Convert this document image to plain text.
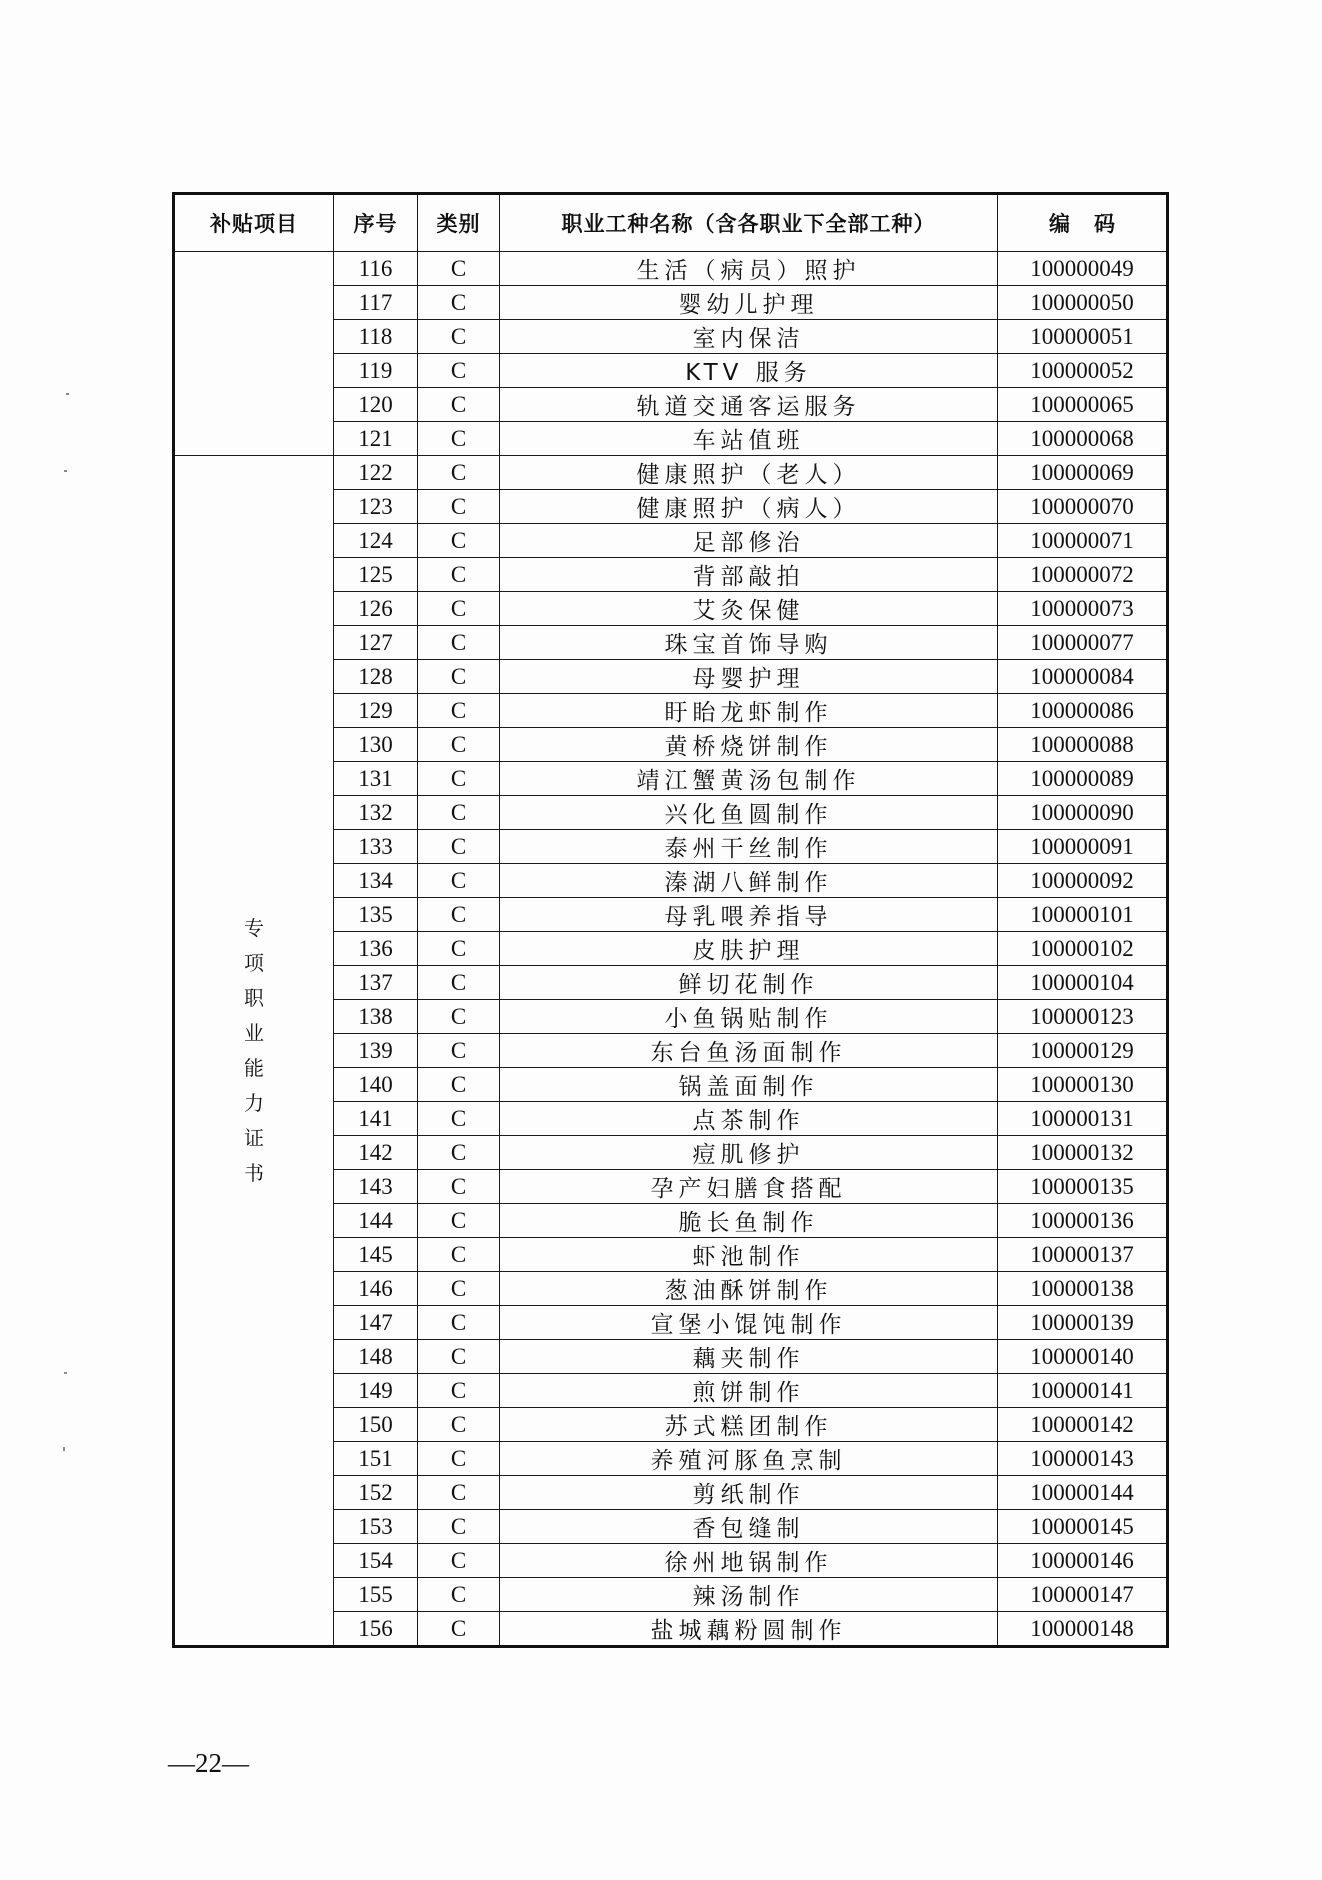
补贴项目	序号	类别	职业工种名称（含各职业下全部工种）	编码
	116	C	生活（病员）照护	100000049
	117	C	婴幼儿护理	100000050
	118	C	室内保洁	100000051
	119	C	KTV 服务	100000052
	120	C	轨道交通客运服务	100000065
	121	C	车站值班	100000068
专项职业能力证书	122	C	健康照护（老人）	100000069
	123	C	健康照护（病人）	100000070
	124	C	足部修治	100000071
	125	C	背部敲拍	100000072
	126	C	艾灸保健	100000073
	127	C	珠宝首饰导购	100000077
	128	C	母婴护理	100000084
	129	C	盱眙龙虾制作	100000086
	130	C	黄桥烧饼制作	100000088
	131	C	靖江蟹黄汤包制作	100000089
	132	C	兴化鱼圆制作	100000090
	133	C	泰州干丝制作	100000091
	134	C	溱湖八鲜制作	100000092
	135	C	母乳喂养指导	100000101
	136	C	皮肤护理	100000102
	137	C	鲜切花制作	100000104
	138	C	小鱼锅贴制作	100000123
	139	C	东台鱼汤面制作	100000129
	140	C	锅盖面制作	100000130
	141	C	点茶制作	100000131
	142	C	痘肌修护	100000132
	143	C	孕产妇膳食搭配	100000135
	144	C	脆长鱼制作	100000136
	145	C	虾池制作	100000137
	146	C	葱油酥饼制作	100000138
	147	C	宣堡小馄饨制作	100000139
	148	C	藕夹制作	100000140
	149	C	煎饼制作	100000141
	150	C	苏式糕团制作	100000142
	151	C	养殖河豚鱼烹制	100000143
	152	C	剪纸制作	100000144
	153	C	香包缝制	100000145
	154	C	徐州地锅制作	100000146
	155	C	辣汤制作	100000147
	156	C	盐城藕粉圆制作	100000148
—22—
